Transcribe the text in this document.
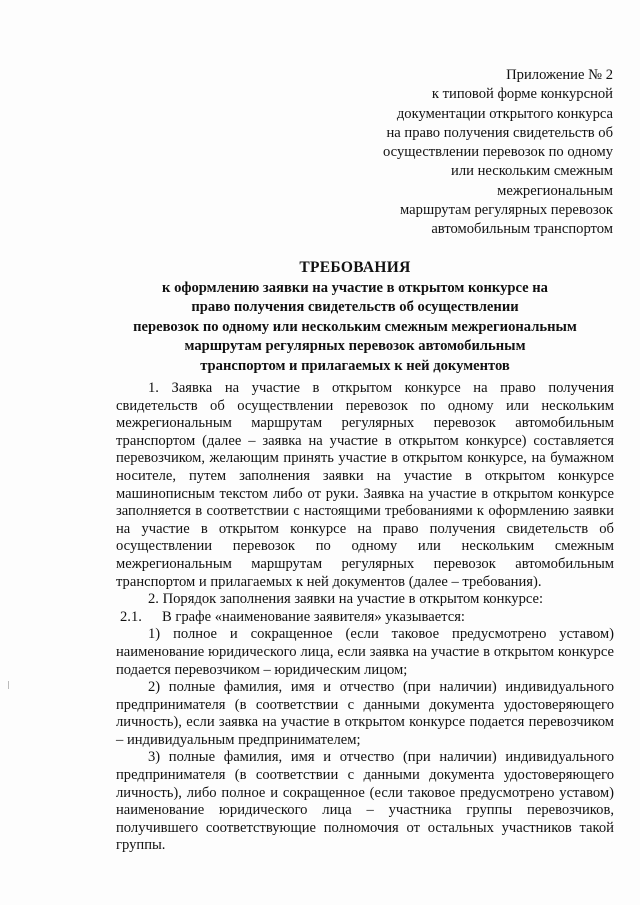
Приложение № 2
к типовой форме конкурсной
документации открытого конкурса
на право получения свидетельств об
осуществлении перевозок по одному
или нескольким смежным
межрегиональным
маршрутам регулярных перевозок
автомобильным транспортом
ТРЕБОВАНИЯ
к оформлению заявки на участие в открытом конкурсе на
право получения свидетельств об осуществлении
перевозок по одному или нескольким смежным межрегиональным
маршрутам регулярных перевозок автомобильным
транспортом и прилагаемых к ней документов
1. Заявка на участие в открытом конкурсе на право получения
свидетельств об осуществлении перевозок по одному или нескольким
межрегиональным маршрутам регулярных перевозок автомобильным
транспортом (далее – заявка на участие в открытом конкурсе) составляется
перевозчиком, желающим принять участие в открытом конкурсе, на бумажном
носителе, путем заполнения заявки на участие в открытом конкурсе
машинописным текстом либо от руки. Заявка на участие в открытом конкурсе
заполняется в соответствии с настоящими требованиями к оформлению заявки
на участие в открытом конкурсе на право получения свидетельств об
осуществлении перевозок по одному или нескольким смежным
межрегиональным маршрутам регулярных перевозок автомобильным
транспортом и прилагаемых к ней документов (далее – требования).
2. Порядок заполнения заявки на участие в открытом конкурсе:
2.1. В графе «наименование заявителя» указывается:
1) полное и сокращенное (если таковое предусмотрено уставом)
наименование юридического лица, если заявка на участие в открытом конкурсе
подается перевозчиком – юридическим лицом;
2) полные фамилия, имя и отчество (при наличии) индивидуального
предпринимателя (в соответствии с данными документа удостоверяющего
личность), если заявка на участие в открытом конкурсе подается перевозчиком
– индивидуальным предпринимателем;
3) полные фамилия, имя и отчество (при наличии) индивидуального
предпринимателя (в соответствии с данными документа удостоверяющего
личность), либо полное и сокращенное (если таковое предусмотрено уставом)
наименование юридического лица – участника группы перевозчиков,
получившего соответствующие полномочия от остальных участников такой
группы.
